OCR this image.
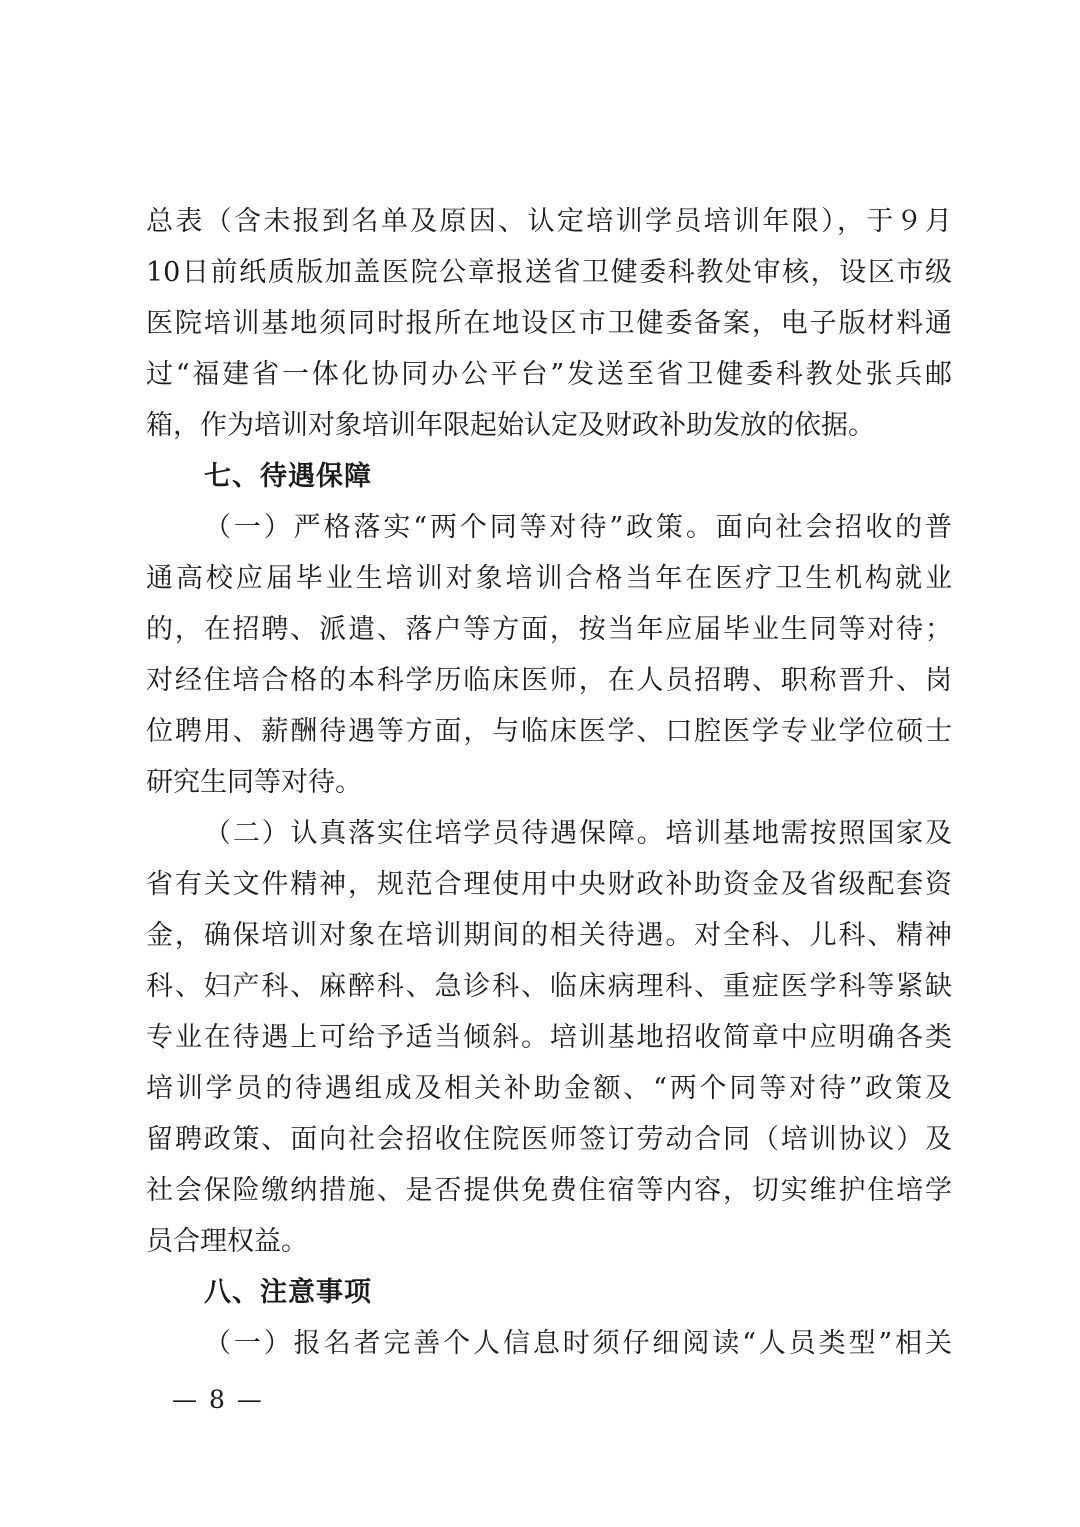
总表（含未报到名单及原因、认定培训学员培训年限），于９月
10日前纸质版加盖医院公章报送省卫健委科教处审核，设区市级
医院培训基地须同时报所在地设区市卫健委备案，电子版材料通
过“福建省一体化协同办公平台”发送至省卫健委科教处张兵邮
箱，作为培训对象培训年限起始认定及财政补助发放的依据。
七、待遇保障
（一）严格落实“两个同等对待”政策。面向社会招收的普
通高校应届毕业生培训对象培训合格当年在医疗卫生机构就业
的，在招聘、派遣、落户等方面，按当年应届毕业生同等对待；
对经住培合格的本科学历临床医师，在人员招聘、职称晋升、岗
位聘用、薪酬待遇等方面，与临床医学、口腔医学专业学位硕士
研究生同等对待。
（二）认真落实住培学员待遇保障。培训基地需按照国家及
省有关文件精神，规范合理使用中央财政补助资金及省级配套资
金，确保培训对象在培训期间的相关待遇。对全科、儿科、精神
科、妇产科、麻醉科、急诊科、临床病理科、重症医学科等紧缺
专业在待遇上可给予适当倾斜。培训基地招收简章中应明确各类
培训学员的待遇组成及相关补助金额、“两个同等对待”政策及
留聘政策、面向社会招收住院医师签订劳动合同（培训协议）及
社会保险缴纳措施、是否提供免费住宿等内容，切实维护住培学
员合理权益。
八、注意事项
（一）报名者完善个人信息时须仔细阅读“人员类型”相关
— 8 —
